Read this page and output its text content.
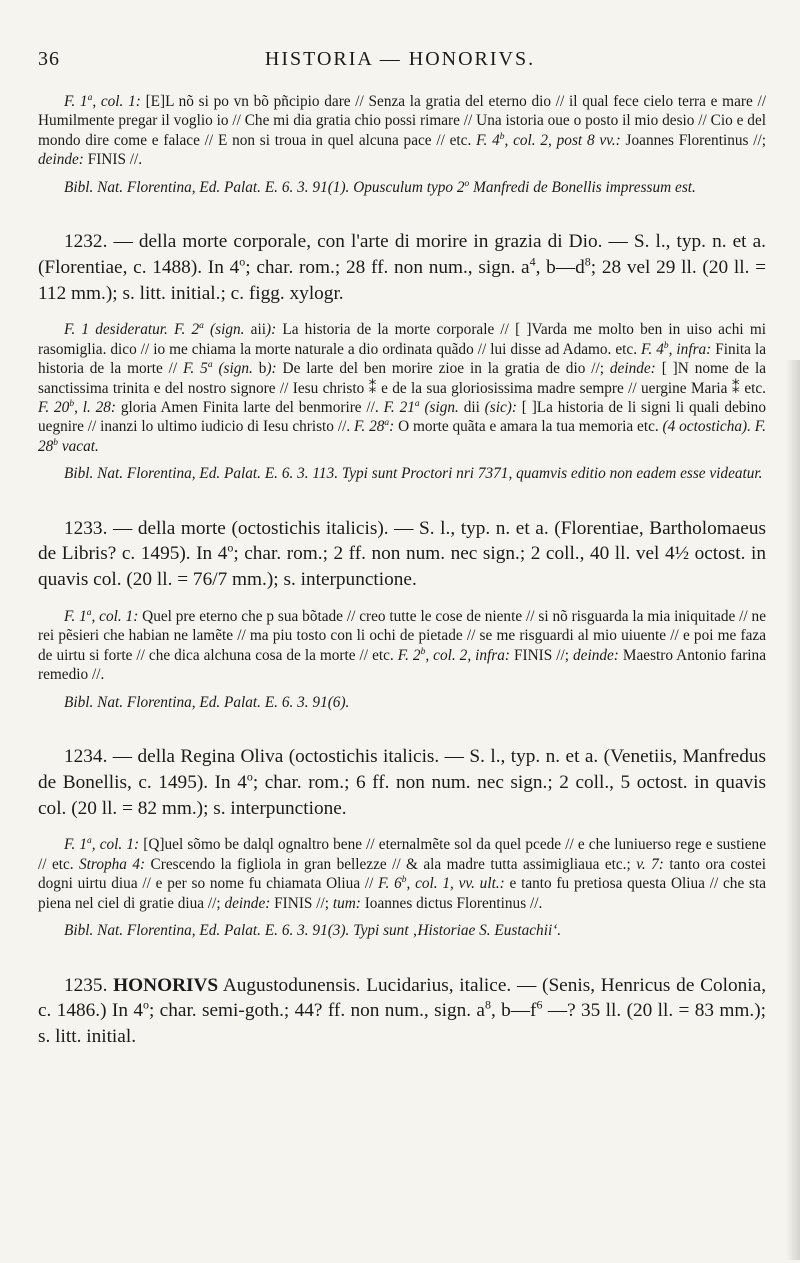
36	HISTORIA — HONORIVS.

F. 1$^a$, col. 1: [E]L nõ si po vn bõ pñcipio dare // Senza la gratia del eterno dio // il qual fece cielo terra e mare // Humilmente pregar il voglio io // Che mi dia gratia chio possi rimare // Una istoria oue o posto il mio desio // Cio e del mondo dire come e falace // E non si troua in quel alcuna pace // etc. F. 4$^b$, col. 2, post 8 vv.: Joannes Florentinus //; deinde: FINIS //.

Bibl. Nat. Florentina, Ed. Palat. E. 6. 3. 91(1). Opusculum typo 2$^o$ Manfredi de Bonellis impressum est.

1232. — della morte corporale, con l'arte di morire in grazia di Dio. — S. l., typ. n. et a. (Florentiae, c. 1488). In 4$^o$; char. rom.; 28 ff. non num., sign. $a^4$, $b—d^8$; 28 vel 29 ll. (20 ll. = 112 mm.); s. litt. initial.; c. figg. xylogr.

F. 1 desideratur. F. 2$^a$ (sign. aii): La historia de la morte corporale // [ ]Varda me molto ben in uiso achi mi rasomiglia. dico // io me chiama la morte naturale a dio ordinata quãdo // lui disse ad Adamo. etc. F. 4$^b$, infra: Finita la historia de la morte // F. 5$^a$ (sign. b): De larte del ben morire zioe in la gratia de dio //; deinde: [ ]N nome de la sanctissima trinita e del nostro signore // Iesu christo ⁑ e de la sua gloriosissima madre sempre // uergine Maria ⁑ etc. F. 20$^b$, l. 28: gloria Amen Finita larte del benmorire //. F. 21$^a$ (sign. dii (sic): [ ]La historia de li signi li quali debino uegnire // inanzi lo ultimo iudicio di Iesu christo //. F. 28$^a$: O morte quãta e amara la tua memoria etc. (4 octosticha). F. 28$^b$ vacat.

Bibl. Nat. Florentina, Ed. Palat. E. 6. 3. 113. Typi sunt Proctori nri 7371, quamvis editio non eadem esse videatur.

1233. — della morte (octostichis italicis). — S. l., typ. n. et a. (Florentiae, Bartholomaeus de Libris? c. 1495). In 4$^o$; char. rom.; 2 ff. non num. nec sign.; 2 coll., 40 ll. vel 4½ octost. in quavis col. (20 ll. = 76/7 mm.); s. interpunctione.

F. 1$^a$, col. 1: Quel pre eterno che p sua bõtade // creo tutte le cose de niente // si nõ risguarda la mia iniquitade // ne rei pẽsieri che habian ne lamẽte // ma piu tosto con li ochi de pietade // se me risguardi al mio uiuente // e poi me faza de uirtu si forte // che dica alchuna cosa de la morte // etc. F. 2$^b$, col. 2, infra: FINIS //; deinde: Maestro Antonio farina remedio //.

Bibl. Nat. Florentina, Ed. Palat. E. 6. 3. 91(6).

1234. — della Regina Oliva (octostichis italicis. — S. l., typ. n. et a. (Venetiis, Manfredus de Bonellis, c. 1495). In 4$^o$; char. rom.; 6 ff. non num. nec sign.; 2 coll., 5 octost. in quavis col. (20 ll. = 82 mm.); s. interpunctione.

F. 1$^a$, col. 1: [Q]uel sõmo be dalql ognaltro bene // eternalmẽte sol da quel pcede // e che luniuerso rege e sustiene // etc. Stropha 4: Crescendo la figliola in gran bellezze // & ala madre tutta assimigliaua etc.; v. 7: tanto ora costei dogni uirtu diua // e per so nome fu chiamata Oliua // F. 6$^b$, col. 1, vv. ult.: e tanto fu pretiosa questa Oliua // che sta piena nel ciel di gratie diua //; deinde: FINIS //; tum: Ioannes dictus Florentinus //.

Bibl. Nat. Florentina, Ed. Palat. E. 6. 3. 91(3). Typi sunt ‚Historiae S. Eustachii‘.

1235. HONORIVS Augustodunensis. Lucidarius, italice. — (Senis, Henricus de Colonia, c. 1486.) In 4$^o$; char. semi-goth.; 44? ff. non num., sign. $a^8$, $b—f^6$ —? 35 ll. (20 ll. = 83 mm.); s. litt. initial.
